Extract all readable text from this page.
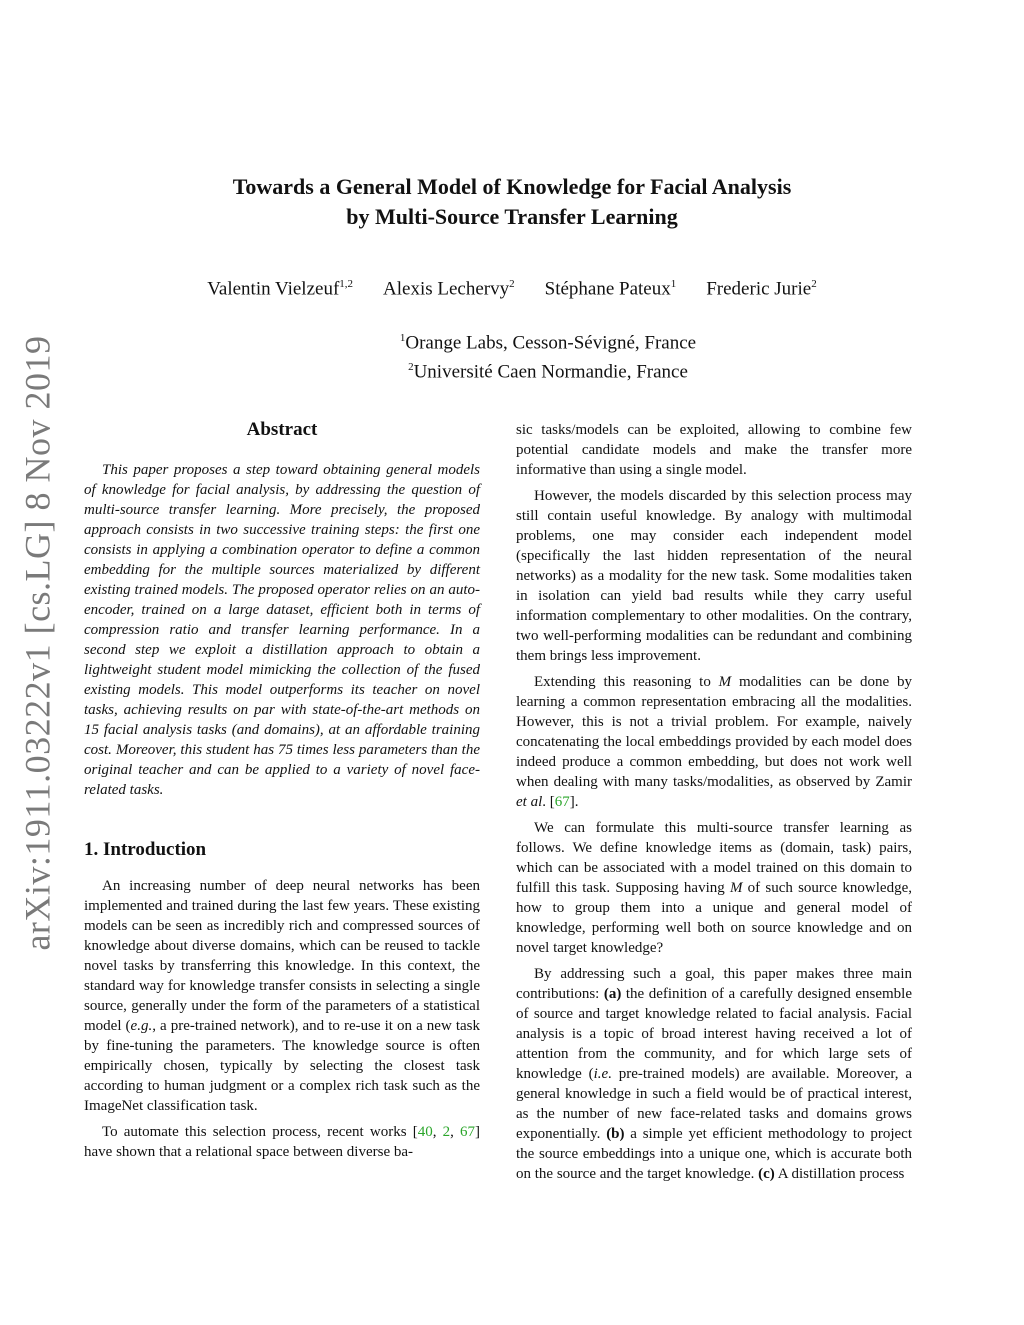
arXiv:1911.03222v1 [cs.LG] 8 Nov 2019
Towards a General Model of Knowledge for Facial Analysis
by Multi-Source Transfer Learning
Valentin Vielzeuf$^{1,2}$ Alexis Lechervy$^2$ Stéphane Pateux$^1$ Frederic Jurie$^2$
$^1$Orange Labs, Cesson-Sévigné, France
$^2$Université Caen Normandie, France
Abstract

This paper proposes a step toward obtaining general models of knowledge for facial analysis, by addressing the question of multi-source transfer learning. More precisely, the proposed approach consists in two successive training steps: the first one consists in applying a combination operator to define a common embedding for the multiple sources materialized by different existing trained models. The proposed operator relies on an auto-encoder, trained on a large dataset, efficient both in terms of compression ratio and transfer learning performance. In a second step we exploit a distillation approach to obtain a lightweight student model mimicking the collection of the fused existing models. This model outperforms its teacher on novel tasks, achieving results on par with state-of-the-art methods on 15 facial analysis tasks (and domains), at an affordable training cost. Moreover, this student has 75 times less parameters than the original teacher and can be applied to a variety of novel face-related tasks.

1. Introduction

An increasing number of deep neural networks has been implemented and trained during the last few years. These existing models can be seen as incredibly rich and compressed sources of knowledge about diverse domains, which can be reused to tackle novel tasks by transferring this knowledge. In this context, the standard way for knowledge transfer consists in selecting a single source, generally under the form of the parameters of a statistical model (e.g., a pre-trained network), and to re-use it on a new task by fine-tuning the parameters. The knowledge source is often empirically chosen, typically by selecting the closest task according to human judgment or a complex rich task such as the ImageNet classification task.

To automate this selection process, recent works [40, 2, 67] have shown that a relational space between diverse ba-

sic tasks/models can be exploited, allowing to combine few potential candidate models and make the transfer more informative than using a single model.

However, the models discarded by this selection process may still contain useful knowledge. By analogy with multimodal problems, one may consider each independent model (specifically the last hidden representation of the neural networks) as a modality for the new task. Some modalities taken in isolation can yield bad results while they carry useful information complementary to other modalities. On the contrary, two well-performing modalities can be redundant and combining them brings less improvement.

Extending this reasoning to M modalities can be done by learning a common representation embracing all the modalities. However, this is not a trivial problem. For example, naively concatenating the local embeddings provided by each model does indeed produce a common embedding, but does not work well when dealing with many tasks/modalities, as observed by Zamir et al. [67].

We can formulate this multi-source transfer learning as follows. We define knowledge items as (domain, task) pairs, which can be associated with a model trained on this domain to fulfill this task. Supposing having M of such source knowledge, how to group them into a unique and general model of knowledge, performing well both on source knowledge and on novel target knowledge?

By addressing such a goal, this paper makes three main contributions: (a) the definition of a carefully designed ensemble of source and target knowledge related to facial analysis. Facial analysis is a topic of broad interest having received a lot of attention from the community, and for which large sets of knowledge (i.e. pre-trained models) are available. Moreover, a general knowledge in such a field would be of practical interest, as the number of new face-related tasks and domains grows exponentially. (b) a simple yet efficient methodology to project the source embeddings into a unique one, which is accurate both on the source and the target knowledge. (c) A distillation process
